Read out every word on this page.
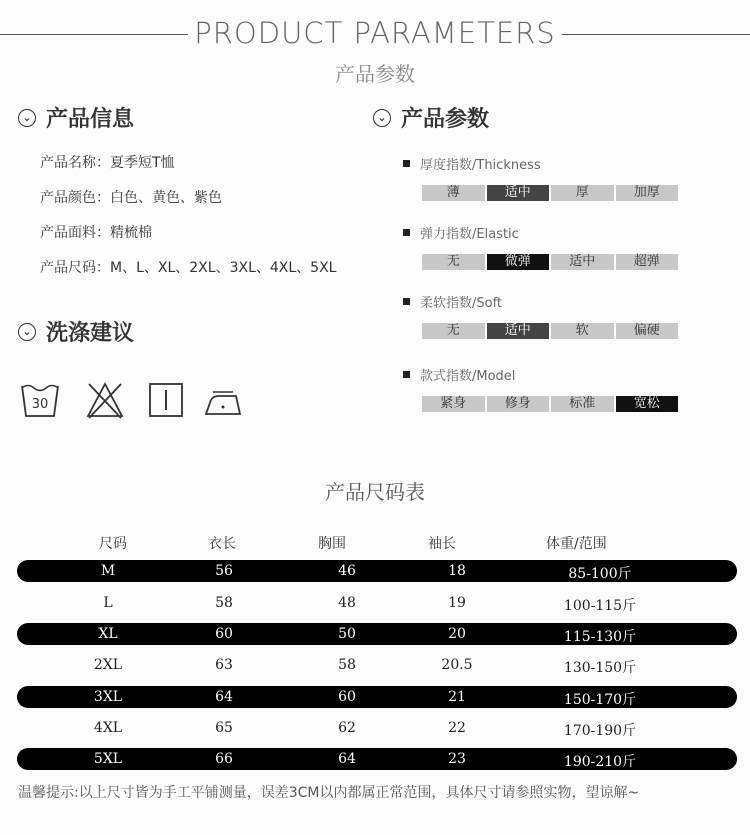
PRODUCT PARAMETERS
产品参数
⌄ 产品信息
产品名称：夏季短T恤
产品颜色：白色、黄色、紫色
产品面料：精梳棉
产品尺码：M、L、XL、2XL、3XL、4XL、5XL
⌄ 洗涤建议
30
⌄ 产品参数
厚度指数/Thickness
薄	适中	厚	加厚
弹力指数/Elastic
无	微弹	适中	超弹
柔软指数/Soft
无	适中	软	偏硬
款式指数/Model
紧身	修身	标准	宽松
产品尺码表
尺码	衣长	胸围	袖长	体重/范围
M	56	46	18	85-100斤
L	58	48	19	100-115斤
XL	60	50	20	115-130斤
2XL	63	58	20.5	130-150斤
3XL	64	60	21	150-170斤
4XL	65	62	22	170-190斤
5XL	66	64	23	190-210斤
温馨提示:以上尺寸皆为手工平铺测量，误差3CM以内都属正常范围，具体尺寸请参照实物，望谅解~
